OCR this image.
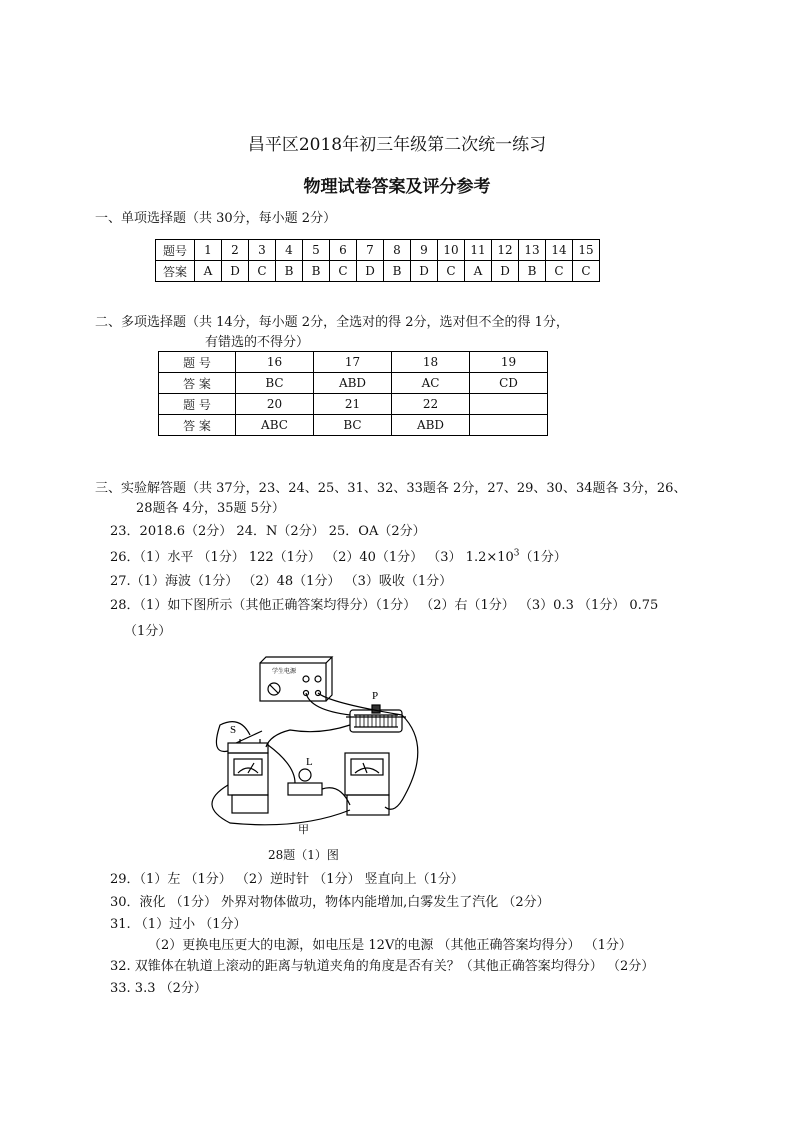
昌平区2018年初三年级第二次统一练习
物理试卷答案及评分参考
一、单项选择题（共 30分，每小题 2分）
题号	1	2	3	4	5	6	7	8	9	10	11	12	13	14	15
答案	A	D	C	B	B	C	D	B	D	C	A	D	B	C	C
二、多项选择题（共 14分，每小题 2分，全选对的得 2分，选对但不全的得 1分，
有错选的不得分）
题 号	16	17	18	19
答 案	BC	ABD	AC	CD
题 号	20	21	22	
答 案	ABC	BC	ABD	
三、实验解答题（共 37分，23、24、25、31、32、33题各 2分，27、29、30、34题各 3分，26、
28题各 4分，35题 5分）
23．2018.6（2分） 24．N（2分） 25．OA（2分）
26．（1）水平 （1分） 122（1分） （2）40（1分） （3） $1.2\times 10^3(1$分）
27.（1）海波（1分） （2）48（1分） （3）吸收（1分）
28．（1）如下图所示（其他正确答案均得分）（1分） （2）右（1分） （3）0.3 （1分） 0.75
（1分）
学生电源
P
S
L
甲
28题（1）图
29．（1）左 （1分） （2）逆时针 （1分） 竖直向上（1分）
30．液化 （1分） 外界对物体做功，物体内能增加,白雾发生了汽化 （2分）
31. （1）过小 （1分）
（2）更换电压更大的电源，如电压是 12V的电源 （其他正确答案均得分） （1分）
32. 双锥体在轨道上滚动的距离与轨道夹角的角度是否有关？（其他正确答案均得分） （2分）
33. 3.3 （2分）
